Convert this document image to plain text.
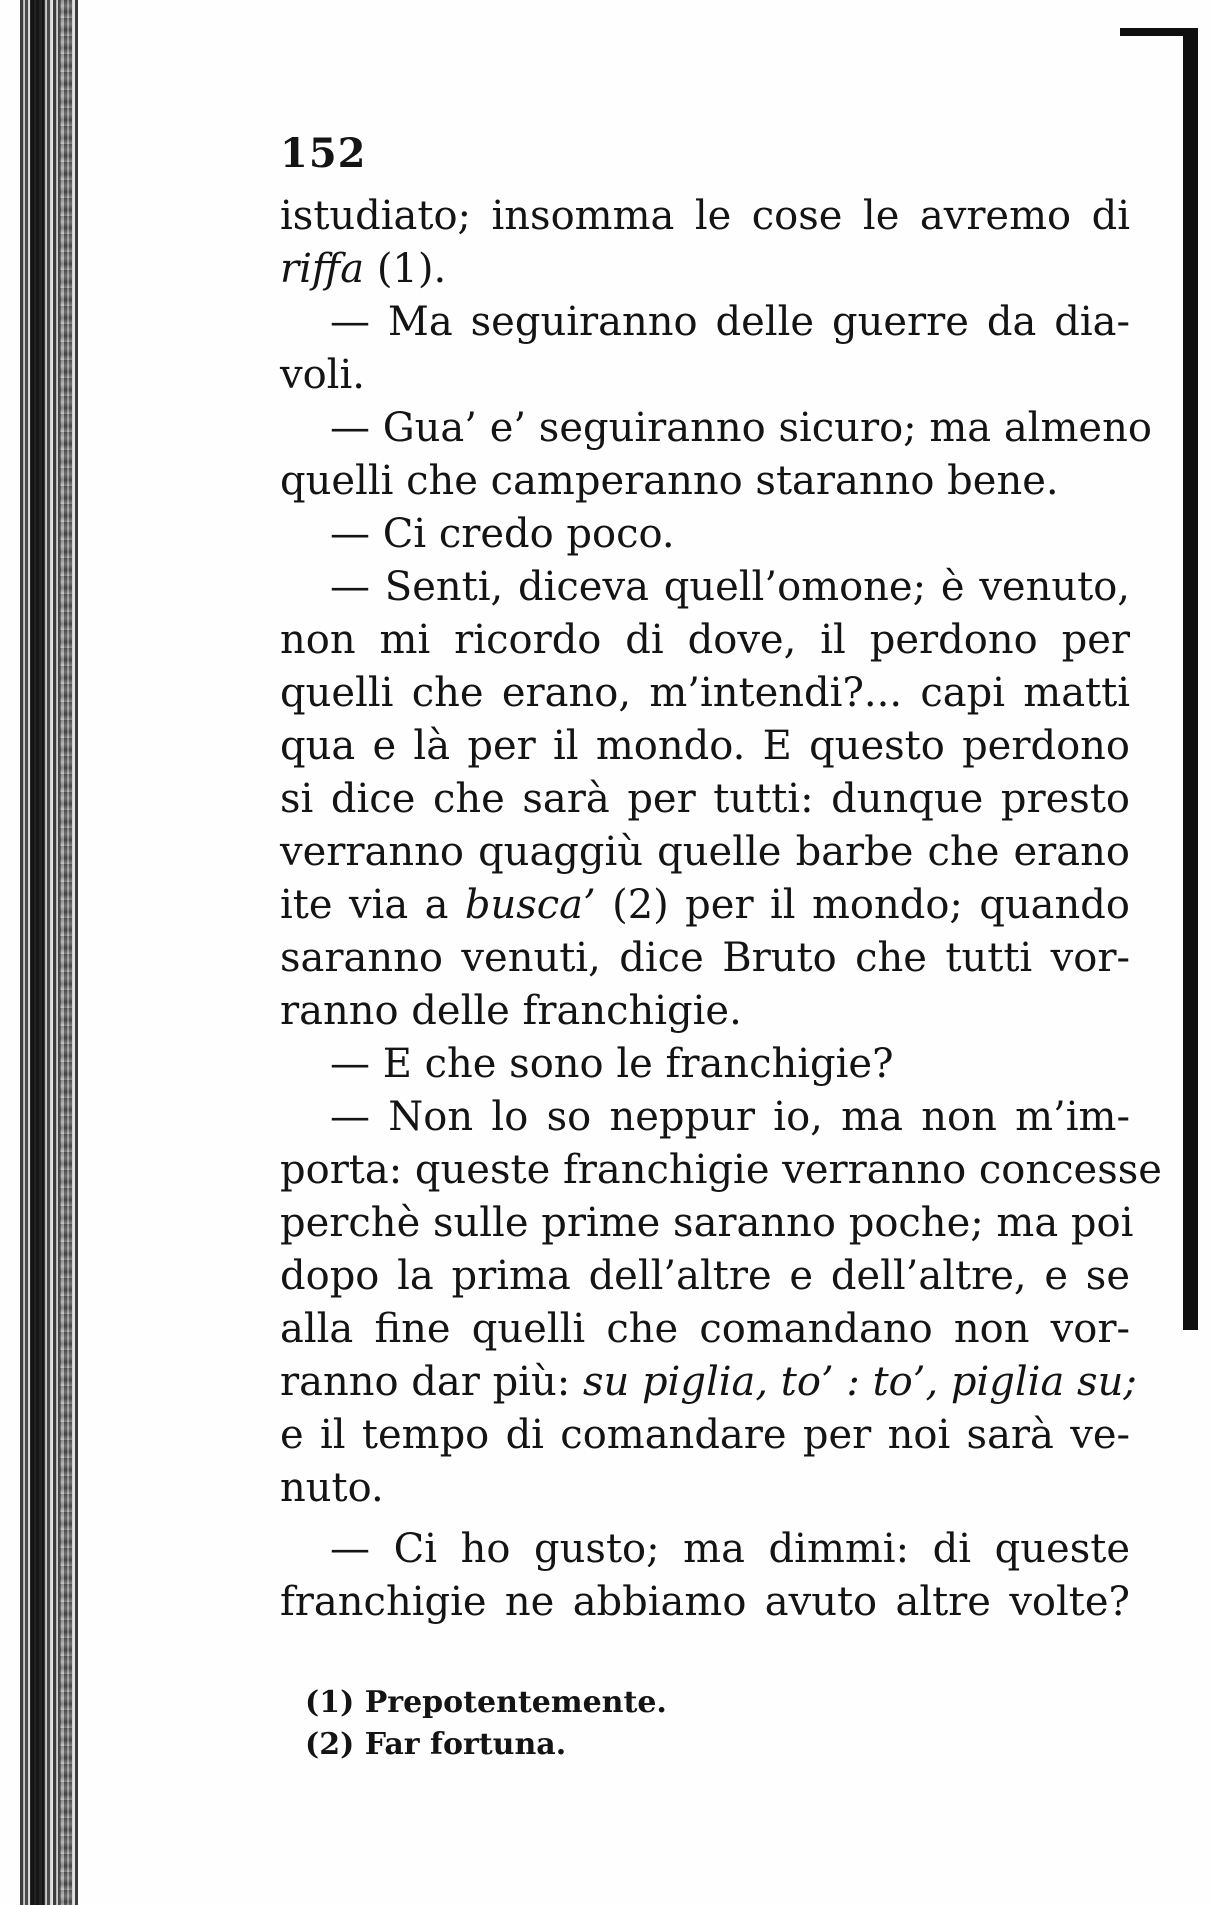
152
istudiato; insomma le cose le avremo di
riffa (1).
— Ma seguiranno delle guerre da dia-
voli.
— Gua’ e’ seguiranno sicuro; ma almeno
quelli che camperanno staranno bene.
— Ci credo poco.
— Senti, diceva quell’omone; è venuto,
non mi ricordo di dove, il perdono per
quelli che erano, m’intendi?... capi matti
qua e là per il mondo. E questo perdono
si dice che sarà per tutti: dunque presto
verranno quaggiù quelle barbe che erano
ite via a busca’ (2) per il mondo; quando
saranno venuti, dice Bruto che tutti vor-
ranno delle franchigie.
— E che sono le franchigie?
— Non lo so neppur io, ma non m’im-
porta: queste franchigie verranno concesse
perchè sulle prime saranno poche; ma poi
dopo la prima dell’altre e dell’altre, e se
alla fine quelli che comandano non vor-
ranno dar più: su piglia, to’ : to’, piglia su;
e il tempo di comandare per noi sarà ve-
nuto.
— Ci ho gusto; ma dimmi: di queste
franchigie ne abbiamo avuto altre volte?
(1) Prepotentemente.
(2) Far fortuna.
